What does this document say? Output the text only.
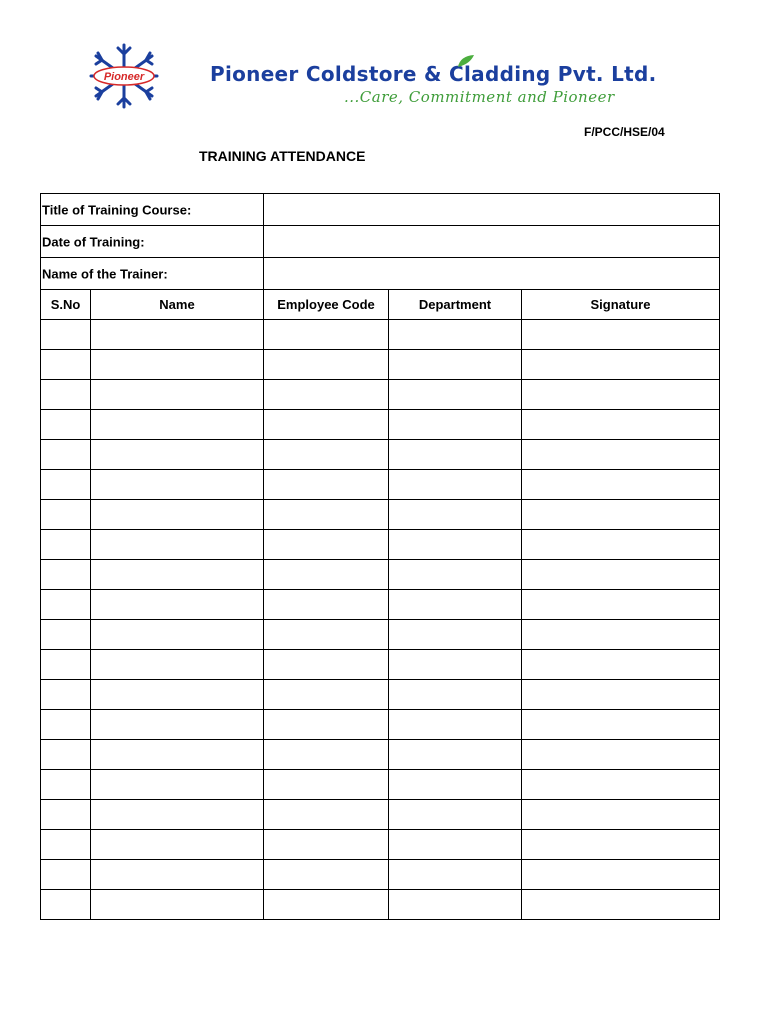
Pioneer	Pioneer Coldstore & Cladding Pvt. Ltd.
...Care, Commitment and Pioneer
F/PCC/HSE/04
TRAINING ATTENDANCE
Title of Training Course:				

Date of Training:				

Name of the Trainer:				

S.No	Name	Employee Code	Department	Signature
